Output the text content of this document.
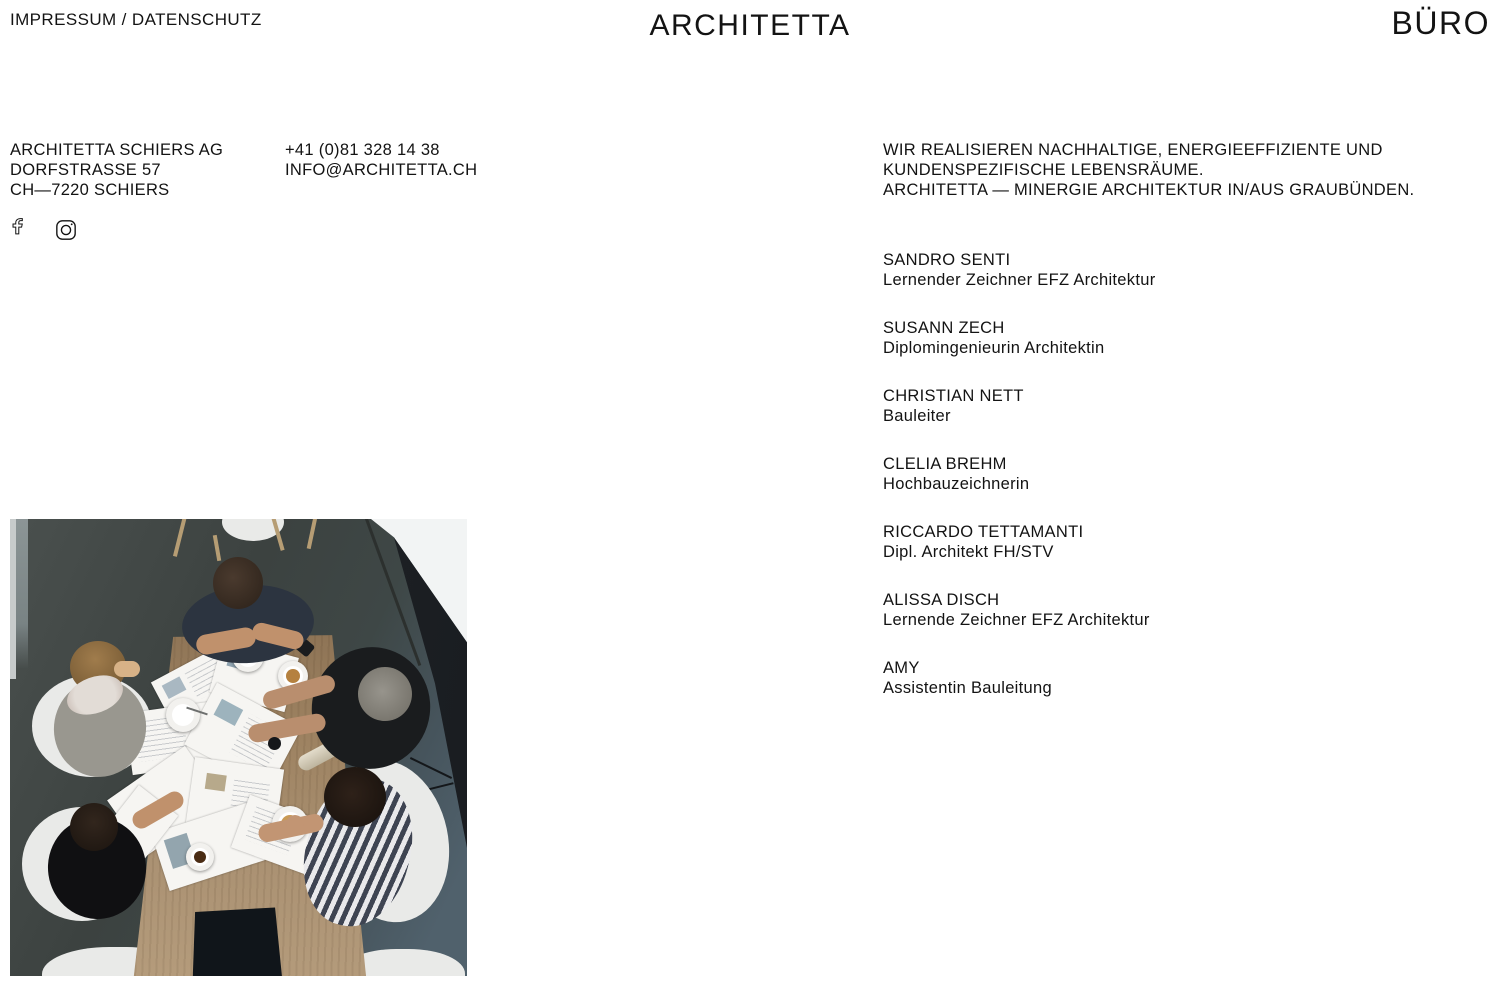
IMPRESSUM / DATENSCHUTZ	ARCHITETTA	BÜRO
ARCHITETTA SCHIERS AG
DORFSTRASSE 57
CH—7220 SCHIERS
+41 (0)81 328 14 38
INFO@ARCHITETTA.CH
WIR REALISIEREN NACHHALTIGE, ENERGIEEFFIZIENTE UND
KUNDENSPEZIFISCHE LEBENSRÄUME.
ARCHITETTA — MINERGIE ARCHITEKTUR IN/AUS GRAUBÜNDEN.
SANDRO SENTI
Lernender Zeichner EFZ Architektur
SUSANN ZECH
Diplomingenieurin Architektin
CHRISTIAN NETT
Bauleiter
CLELIA BREHM
Hochbauzeichnerin
RICCARDO TETTAMANTI
Dipl. Architekt FH/STV
ALISSA DISCH
Lernende Zeichner EFZ Architektur
AMY
Assistentin Bauleitung
